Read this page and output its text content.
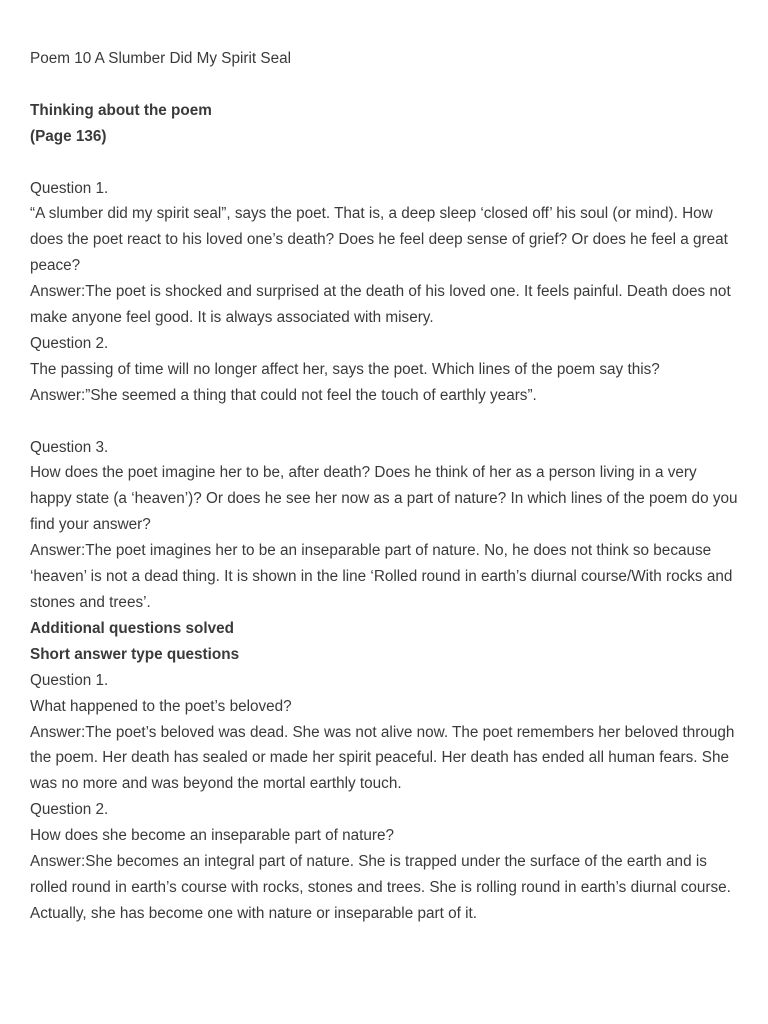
Poem 10 A Slumber Did My Spirit Seal

Thinking about the poem

(Page 136)

Question 1.

“A slumber did my spirit seal”, says the poet. That is, a deep sleep ‘closed off’ his soul (or mind). How does the poet react to his loved one’s death? Does he feel deep sense of grief? Or does he feel a great peace?

Answer:The poet is shocked and surprised at the death of his loved one. It feels painful. Death does not make anyone feel good. It is always associated with misery.

Question 2.

The passing of time will no longer affect her, says the poet. Which lines of the poem say this?

Answer:”She seemed a thing that could not feel the touch of earthly years”.

Question 3.

How does the poet imagine her to be, after death? Does he think of her as a person living in a very happy state (a ‘heaven’)? Or does he see her now as a part of nature? In which lines of the poem do you find your answer?

Answer:The poet imagines her to be an inseparable part of nature. No, he does not think so because ‘heaven’ is not a dead thing. It is shown in the line ‘Rolled round in earth’s diurnal course/With rocks and stones and trees’.

Additional questions solved

Short answer type questions

Question 1.

What happened to the poet’s beloved?

Answer:The poet’s beloved was dead. She was not alive now. The poet remembers her beloved through the poem. Her death has sealed or made her spirit peaceful. Her death has ended all human fears. She was no more and was beyond the mortal earthly touch.

Question 2.

How does she become an inseparable part of nature?

Answer:She becomes an integral part of nature. She is trapped under the surface of the earth and is rolled round in earth’s course with rocks, stones and trees. She is rolling round in earth’s diurnal course. Actually, she has become one with nature or inseparable part of it.
